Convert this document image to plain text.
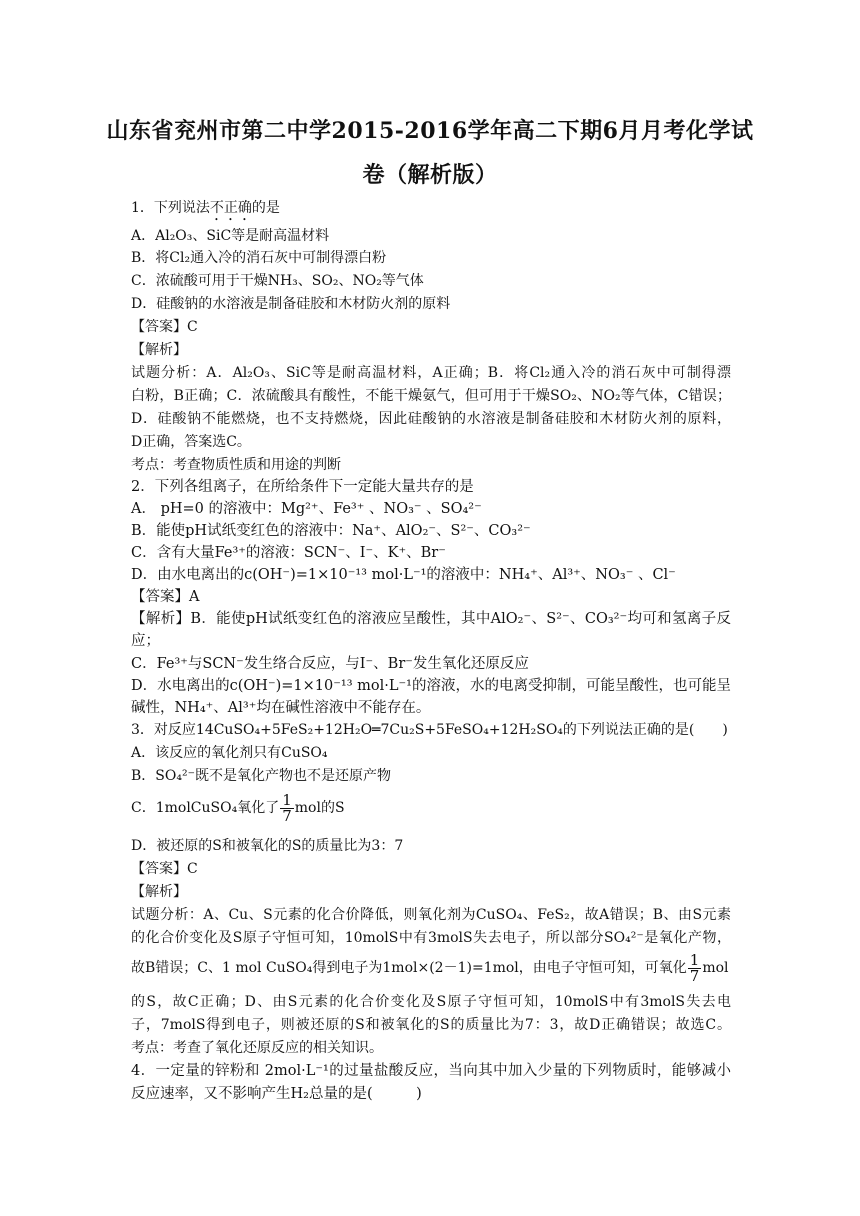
山东省兖州市第二中学2015-2016学年高二下期6月月考化学试
卷（解析版）
1．下列说法不正确的是
A．Al₂O₃、SiC等是耐高温材料
B．将Cl₂通入冷的消石灰中可制得漂白粉
C．浓硫酸可用于干燥NH₃、SO₂、NO₂等气体
D．硅酸钠的水溶液是制备硅胶和木材防火剂的原料
【答案】C
【解析】
试题分析：A．Al₂O₃、SiC等是耐高温材料，A正确；B．将Cl₂通入冷的消石灰中可制得漂
白粉，B正确；C．浓硫酸具有酸性，不能干燥氨气，但可用于干燥SO₂、NO₂等气体，C错误；
D．硅酸钠不能燃烧，也不支持燃烧，因此硅酸钠的水溶液是制备硅胶和木材防火剂的原料，
D正确，答案选C。
考点：考查物质性质和用途的判断
2．下列各组离子，在所给条件下一定能大量共存的是
A． pH=0 的溶液中：Mg²⁺、Fe³⁺ 、NO₃⁻ 、SO₄²⁻
B．能使pH试纸变红色的溶液中：Na⁺、AlO₂⁻、S²⁻、CO₃²⁻
C．含有大量Fe³⁺的溶液：SCN⁻、I⁻、K⁺、Br⁻
D．由水电离出的c(OH⁻)=1×10⁻¹³ mol·L⁻¹的溶液中：NH₄⁺、Al³⁺、NO₃⁻ 、Cl⁻
【答案】A
【解析】B．能使pH试纸变红色的溶液应呈酸性，其中AlO₂⁻、S²⁻、CO₃²⁻均可和氢离子反
应；
C．Fe³⁺与SCN⁻发生络合反应，与I⁻、Br⁻发生氧化还原反应
D．水电离出的c(OH⁻)=1×10⁻¹³ mol·L⁻¹的溶液，水的电离受抑制，可能呈酸性，也可能呈
碱性，NH₄⁺、Al³⁺均在碱性溶液中不能存在。
3．对反应14CuSO₄+5FeS₂+12H₂O═7Cu₂S+5FeSO₄+12H₂SO₄的下列说法正确的是(　　)
A．该反应的氧化剂只有CuSO₄
B．SO₄²⁻既不是氧化产物也不是还原产物
C．1molCuSO₄氧化了 $\frac{1}{7}$ mol的S
D．被还原的S和被氧化的S的质量比为3：7
【答案】C
【解析】
试题分析：A、Cu、S元素的化合价降低，则氧化剂为CuSO₄、FeS₂，故A错误；B、由S元素
的化合价变化及S原子守恒可知，10molS中有3molS失去电子，所以部分SO₄²⁻是氧化产物，
故B错误；C、1 mol CuSO₄得到电子为1mol×(2－1)=1mol，由电子守恒可知，可氧化 $\frac{1}{7}$ mol
的S，故C正确；D、由S元素的化合价变化及S原子守恒可知，10molS中有3molS失去电
子，7molS得到电子，则被还原的S和被氧化的S的质量比为7：3，故D正确错误；故选C。
考点：考查了氧化还原反应的相关知识。
4．一定量的锌粉和 2mol·L⁻¹的过量盐酸反应，当向其中加入少量的下列物质时，能够减小
反应速率，又不影响产生H₂总量的是(　　　)
